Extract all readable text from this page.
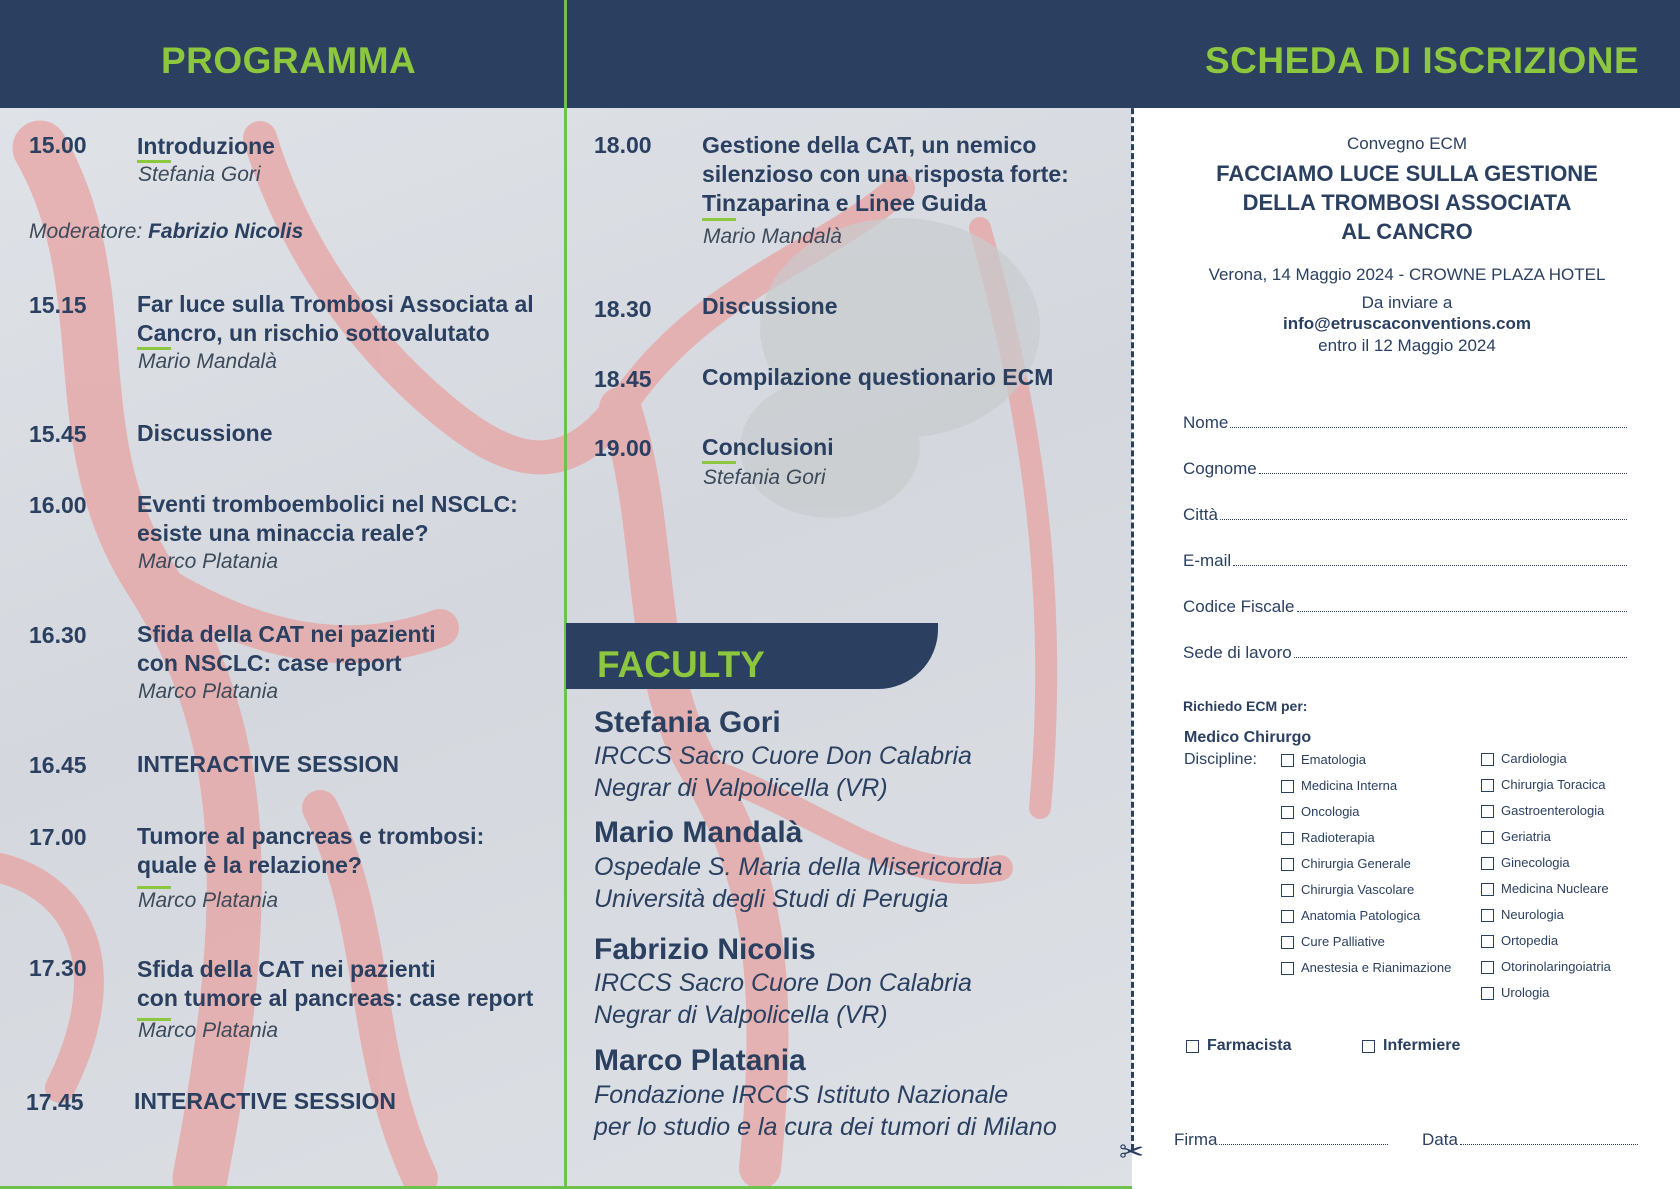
PROGRAMMA	SCHEDA DI ISCRIZIONE
✂
15.00 Introduzione
Stefania Gori
Moderatore: Fabrizio Nicolis
15.15 Far luce sulla Trombosi Associata al
Cancro, un rischio sottovalutato
Mario Mandalà
15.45 Discussione
16.00 Eventi tromboembolici nel NSCLC:
esiste una minaccia reale?
Marco Platania
16.30 Sfida della CAT nei pazienti
con NSCLC: case report
Marco Platania
16.45 INTERACTIVE SESSION
17.00 Tumore al pancreas e trombosi:
quale è la relazione?
Marco Platania
17.30 Sfida della CAT nei pazienti
con tumore al pancreas: case report
Marco Platania
17.45 INTERACTIVE SESSION
18.00 Gestione della CAT, un nemico
silenzioso con una risposta forte:
Tinzaparina e Linee Guida
Mario Mandalà
18.30 Discussione
18.45 Compilazione questionario ECM
19.00 Conclusioni
Stefania Gori
FACULTY
Stefania Gori
IRCCS Sacro Cuore Don Calabria
Negrar di Valpolicella (VR)
Mario Mandalà
Ospedale S. Maria della Misericordia
Università degli Studi di Perugia
Fabrizio Nicolis
IRCCS Sacro Cuore Don Calabria
Negrar di Valpolicella (VR)
Marco Platania
Fondazione IRCCS Istituto Nazionale
per lo studio e la cura dei tumori di Milano
Convegno ECM
FACCIAMO LUCE SULLA GESTIONE
DELLA TROMBOSI ASSOCIATA
AL CANCRO
Verona, 14 Maggio 2024 - CROWNE PLAZA HOTEL
Da inviare a
info@etruscaconventions.com
entro il 12 Maggio 2024
Nome
Cognome
Città
E-mail
Codice Fiscale
Sede di lavoro
Richiedo ECM per:
Medico Chirurgo
Discipline:	Ematologia
Medicina Interna
Oncologia
Radioterapia
Chirurgia Generale
Chirurgia Vascolare
Anatomia Patologica
Cure Palliative
Anestesia e Rianimazione
Cardiologia
Chirurgia Toracica
Gastroenterologia
Geriatria
Ginecologia
Medicina Nucleare
Neurologia
Ortopedia
Otorinolaringoiatria
Urologia
Farmacista	Infermiere
Firma	Data
